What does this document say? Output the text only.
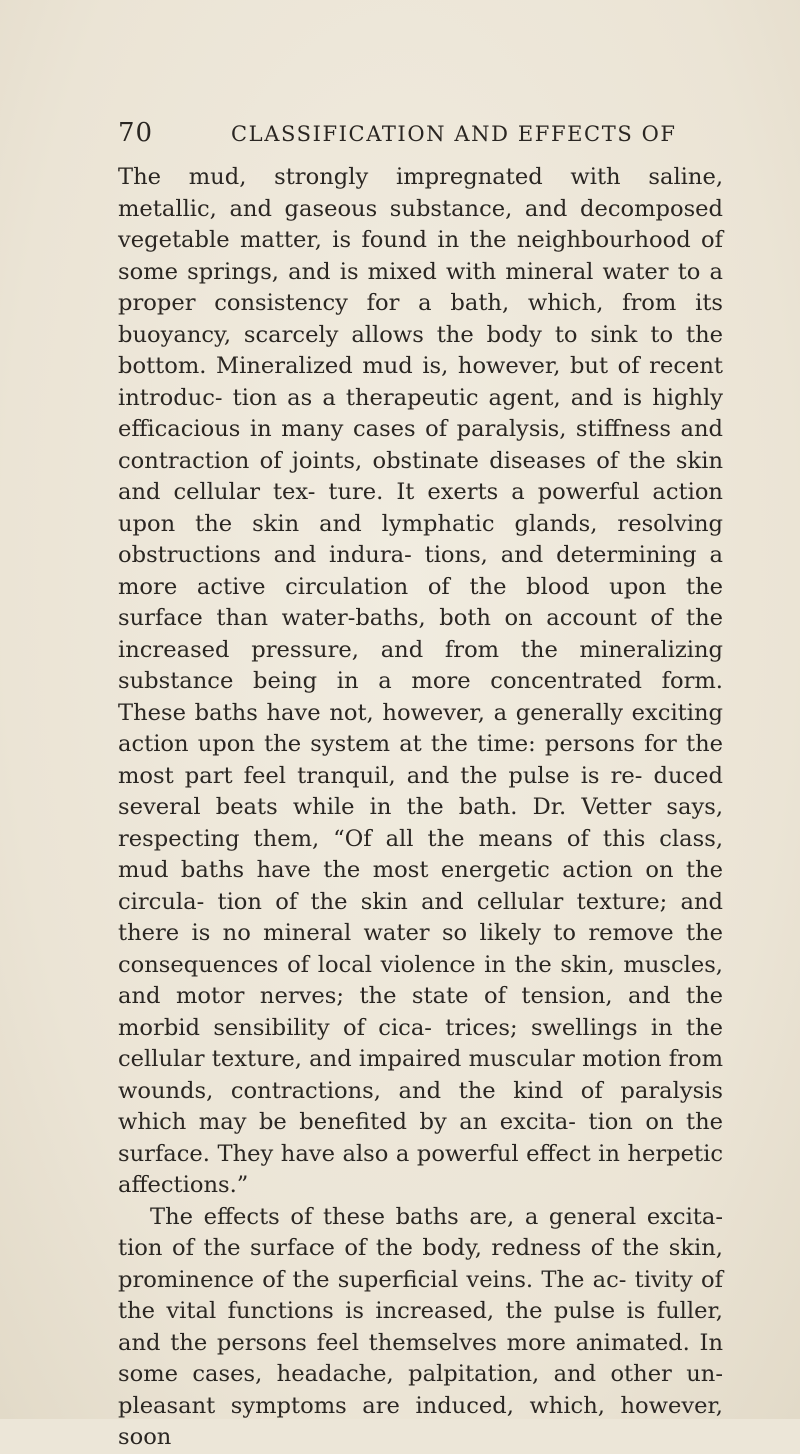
70	CLASSIFICATION AND EFFECTS OF

The mud, strongly impregnated with saline, metallic, and gaseous substance, and decomposed vegetable matter, is found in the neighbourhood of some springs, and is mixed with mineral water to a proper consistency for a bath, which, from its buoyancy, scarcely allows the body to sink to the bottom. Mineralized mud is, however, but of recent introduc- tion as a therapeutic agent, and is highly efficacious in many cases of paralysis, stiffness and contraction of joints, obstinate diseases of the skin and cellular tex- ture. It exerts a powerful action upon the skin and lymphatic glands, resolving obstructions and indura- tions, and determining a more active circulation of the blood upon the surface than water-baths, both on account of the increased pressure, and from the mineralizing substance being in a more concentrated form. These baths have not, however, a generally exciting action upon the system at the time: persons for the most part feel tranquil, and the pulse is re- duced several beats while in the bath. Dr. Vetter says, respecting them, “Of all the means of this class, mud baths have the most energetic action on the circula- tion of the skin and cellular texture; and there is no mineral water so likely to remove the consequences of local violence in the skin, muscles, and motor nerves; the state of tension, and the morbid sensibility of cica- trices; swellings in the cellular texture, and impaired muscular motion from wounds, contractions, and the kind of paralysis which may be benefited by an excita- tion on the surface. They have also a powerful effect in herpetic affections.”

The effects of these baths are, a general excita- tion of the surface of the body, redness of the skin, prominence of the superficial veins. The ac- tivity of the vital functions is increased, the pulse is fuller, and the persons feel themselves more animated. In some cases, headache, palpitation, and other un- pleasant symptoms are induced, which, however, soon
